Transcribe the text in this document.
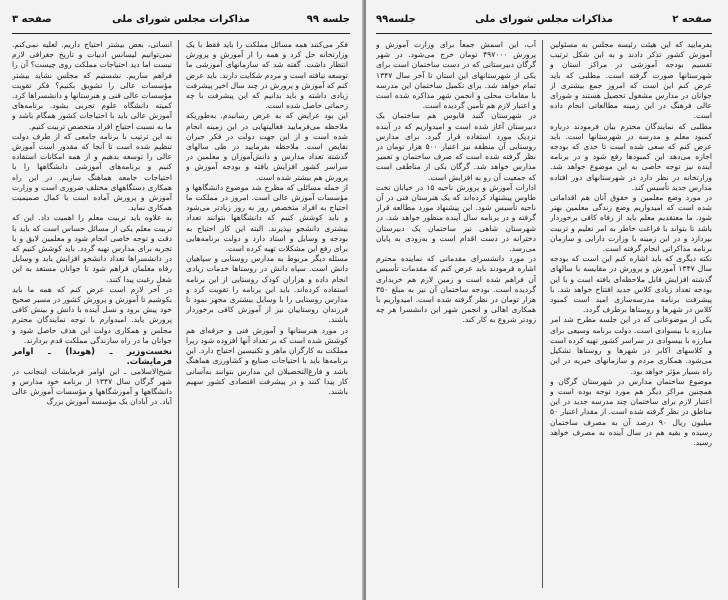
جلسه ۹۹
مذاکرات مجلس شورای ملی
صفحه ۳

فکر می‌کنند همه مسائل مملکت را باید فقط با یک وزارتخانه حل کرد و همه را از آموزش و پرورش انتظار داشت. گفته شد که سازمانهای آموزشی ما توسعه نیافته است و مردم شکایت دارند. باید عرض کنم که آموزش و پرورش در چند سال اخیر پیشرفت زیادی داشته و باید بدانیم که این پیشرفت با چه زحماتی حاصل شده است.

این بود عرایض که به عرض رسانیدم. به‌طوریکه ملاحظه می‌فرمایید فعالیتهایی در این زمینه انجام شده است و از این جهت دولت در فکر جبران نقایص است. ملاحظه بفرمایید در طی سالهای گذشته تعداد مدارس و دانش‌آموزان و معلمین در سراسر کشور افزایش یافته و بودجه آموزش و پرورش هم بیشتر شده است.

از جمله مسائلی که مطرح شد موضوع دانشگاهها و مؤسسات آموزش عالی است. امروز در مملکت ما احتیاج به افراد متخصص روز به روز زیادتر می‌شود و باید کوشش کنیم که دانشگاهها بتوانند تعداد بیشتری دانشجو بپذیرند. البته این کار احتیاج به بودجه و وسایل و استاد دارد و دولت برنامه‌هایی برای رفع این مشکلات تهیه کرده است.

مسئله دیگر مربوط به مدارس روستایی و سپاهیان دانش است. سپاه دانش در روستاها خدمات زیادی انجام داده و هزاران کودک روستایی از این برنامه استفاده کرده‌اند. باید این برنامه را تقویت کرد و مدارس روستایی را با وسایل بیشتری مجهز نمود تا فرزندان روستاییان نیز از آموزش کافی برخوردار باشند.

در مورد هنرستانها و آموزش فنی و حرفه‌ای هم کوشش شده است که بر تعداد آنها افزوده شود زیرا مملکت به کارگران ماهر و تکنیسین احتیاج دارد. این برنامه‌ها باید با احتیاجات صنایع و کشاورزی هماهنگ باشد و فارغ‌التحصیلان این مدارس بتوانند به‌آسانی کار پیدا کنند و در پیشرفت اقتصادی کشور سهیم باشند.

انسانی، بعض بیشتر احتیاج داریم. لعلیه نمی‌کنم. نمی‌توانیم لیسانس ادبیات و تاریخ جغرافی لازم نیست اما دید احتیاجات مملکت روی چیست؟ آن را فراهم سازیم. نشستیم که مجلس نشاید بیشتر مؤسسات عالی را تشویق بکنیم؟ فکر تقویت مؤسسات عالی فنی و هنرستانها و دانشسراها کرد. کمیته دانشگاه علوم تجربی بشود. برنامه‌های آموزش عالی باید با احتیاجات کشور همگام باشد و ما به نسبت احتیاج افراد متخصص تربیت کنیم.

به این ترتیب با برنامه جامعی که از طرف دولت تنظیم شده است تا آنجا که مقدور است آموزش عالی را توسعه بدهیم و از همه امکانات استفاده کنیم و برنامه‌های آموزشی دانشگاهها را با احتیاجات جامعه هماهنگ سازیم. در این راه همکاری دستگاههای مختلف ضروری است و وزارت آموزش و پرورش آماده است با کمال صمیمیت همکاری نماید.

به علاوه باید تربیت معلم را اهمیت داد. این که تربیت معلم یکی از مسائل حساس است که باید با دقت و توجه خاصی انجام شود و معلمین لایق و با تجربه برای مدارس تهیه گردد. باید کوشش کنیم که در دانشسراها تعداد دانشجو افزایش یابد و وسایل رفاه معلمان فراهم شود تا جوانان مستعد به این شغل رغبت پیدا کنند.

در آخر لازم است عرض کنم که همه ما باید بکوشیم تا آموزش و پرورش کشور در مسیر صحیح خود پیش برود و نسل آینده با دانش و بینش کافی پرورش یابد. امیدوارم با توجه نمایندگان محترم مجلس و همکاری دولت این هدف حاصل شود و جوانان ما در راه سازندگی مملکت قدم بردارند.

نخست‌وزیر ـ (هویدا) ـ اوامر فرمایشات.

شیخ‌الاسلامی ـ این اوامر فرمایشات اینجانب در شهر گرگان سال ۱۳۴۷ از برنامه خود مدارس و دانشگاهها و آموزشگاهها و مؤسسات آموزش عالی آباد. در آبادان یک مؤسسه آموزش بزرگ

صفحه ۲
مذاکرات مجلس شورای ملی
جلسه۹۹

بفرمایید که این هیئت رئیسه مجلس به مسئولین آموزش کشور تذکر دادند و به این شکل ترتیب تقسیم بودجه آموزشی در مراکز استان و شهرستانها صورت گرفته است. مطلبی که باید عرض کنم این است که امروز جمع بیشتری از جوانان در مدارس مشغول تحصیل هستند و شورای عالی فرهنگ در این زمینه مطالعاتی انجام داده است.

مطلبی که نمایندگان محترم بیان فرمودند درباره کمبود معلم و مدرسه در شهرستانها است. باید عرض کنم که سعی شده است تا حدی که بودجه اجازه می‌دهد این کمبودها رفع شود و در برنامه آینده نیز توجه خاصی به این موضوع خواهد شد. وزارتخانه در نظر دارد در شهرستانهای دور افتاده مدارس جدید تأسیس کند.

در مورد وضع معلمین و حقوق آنان هم اقداماتی شده است که امیدواریم وضع زندگی معلمین بهتر شود. ما معتقدیم معلم باید از رفاه کافی برخوردار باشد تا بتواند با فراغت خاطر به امر تعلیم و تربیت بپردازد و در این زمینه با وزارت دارایی و سازمان برنامه مذاکراتی انجام گرفته است.

نکته دیگری که باید اشاره کنم این است که بودجه سال ۱۳۴۷ آموزش و پرورش در مقایسه با سالهای گذشته افزایش قابل ملاحظه‌ای یافته است و با این بودجه تعداد زیادی کلاس جدید افتتاح خواهد شد. با پیشرفت برنامه مدرسه‌سازی امید است کمبود کلاس در شهرها و روستاها برطرف گردد.

یکی از موضوعاتی که در این جلسه مطرح شد امر مبارزه با بیسوادی است. دولت برنامه وسیعی برای مبارزه با بیسوادی در سراسر کشور تهیه کرده است و کلاسهای اکابر در شهرها و روستاها تشکیل می‌شود. همکاری مردم و سازمانهای خیریه در این راه بسیار مؤثر خواهد بود.

موضوع ساختمان مدارس در شهرستان گرگان و همچنین مراکز دیگر هم مورد توجه بوده است و اعتبار لازم برای ساختمان چند مدرسه جدید در این مناطق در نظر گرفته شده است. از مقدار اعتبار ۵۰ میلیون ریال ۹۰ درصد آن به مصرف ساختمان رسیده و بقیه هم در سال آینده به مصرف خواهد رسید.

آب، این اسمش جمعاً برای وزارت آموزش و پرورش ۴۹۷۰۰۰ تومان خرج می‌شود. در شهر گرگان دبیرستانی که در دست ساختمان است برای یکی از شهرستانهای این استان تا آخر سال ۱۳۴۷ تمام خواهد شد. برای تکمیل ساختمان این مدرسه با مقامات محلی و انجمن شهر مذاکره شده است و اعتبار لازم هم تأمین گردیده است.

در شهرستان گنبد قابوس هم ساختمان یک دبیرستان آغاز شده است و امیدواریم که در آینده نزدیک مورد استفاده قرار گیرد. برای مدارس روستایی آن منطقه نیز اعتبار ۵۰۰ هزار تومان در نظر گرفته شده است که صرف ساختمان و تعمیر مدارس خواهد شد. گرگان یکی از مناطقی است که جمعیت آن رو به افزایش است.

ادارات آموزش و پرورش ناحیه ۱۵ در خیابان تخت طاوس پیشنهاد کرده‌اند که یک هنرستان فنی در آن ناحیه تأسیس شود. این پیشنهاد مورد مطالعه قرار گرفته و در برنامه سال آینده منظور خواهد شد. در شهرستان شاهی نیز ساختمان یک دبیرستان دخترانه در دست اقدام است و به‌زودی به پایان می‌رسد.

در مورد دانشسرای مقدماتی که نماینده محترم اشاره فرمودند باید عرض کنم که مقدمات تأسیس آن فراهم شده است و زمین لازم هم خریداری گردیده است. بودجه ساختمان آن نیز به مبلغ ۳۵۰ هزار تومان در نظر گرفته شده است. امیدواریم با همکاری اهالی و انجمن شهر این دانشسرا هر چه زودتر شروع به کار کند.
